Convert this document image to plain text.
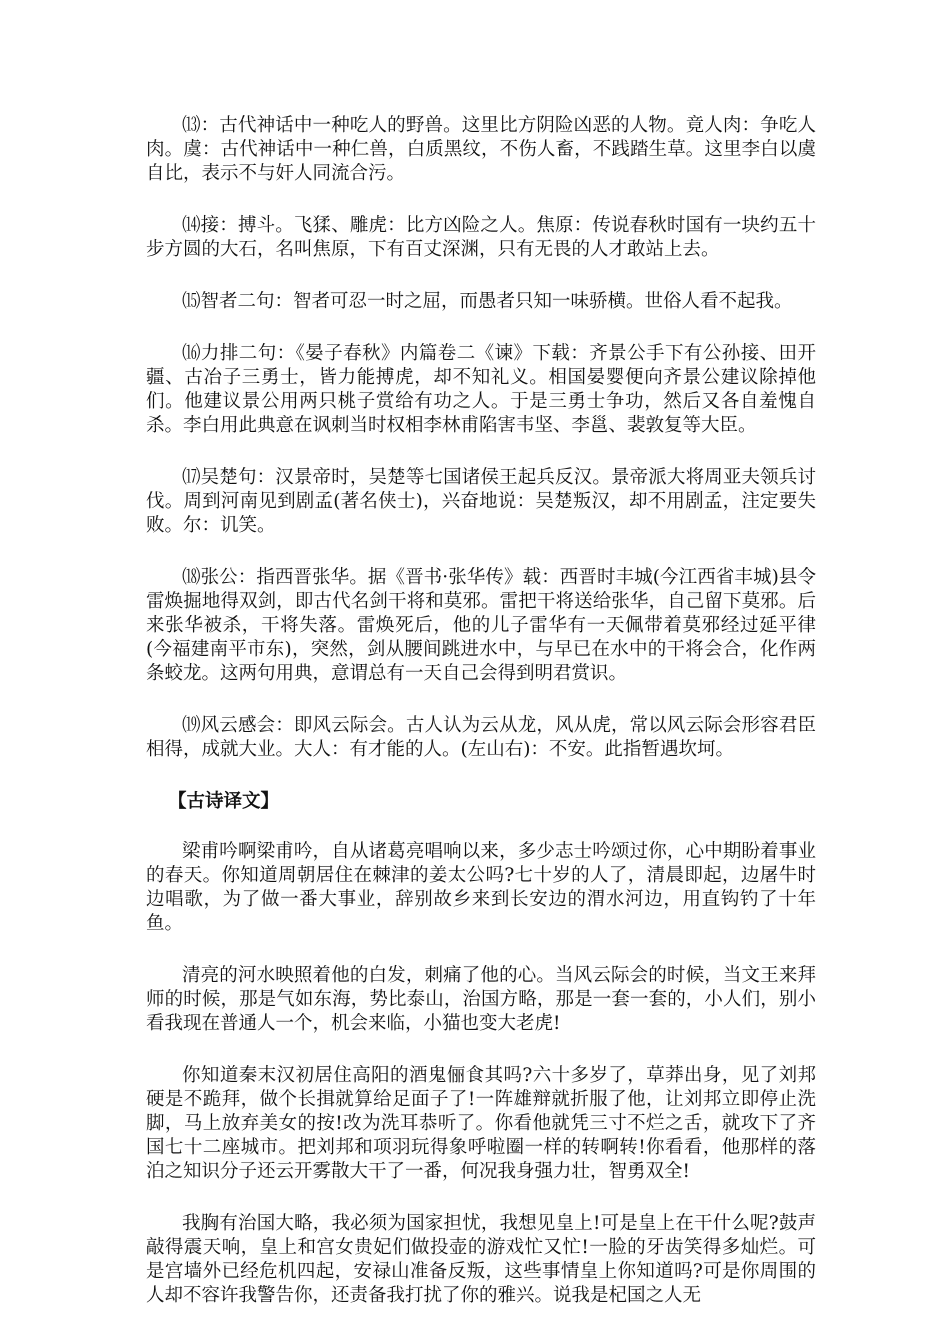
⒀：古代神话中一种吃人的野兽。这里比方阴险凶恶的人物。竟人肉：争吃人肉。虞：古代神话中一种仁兽，白质黑纹，不伤人畜，不践踏生草。这里李白以虞自比，表示不与奸人同流合污。

⒁接：搏斗。飞猱、雕虎：比方凶险之人。焦原：传说春秋时国有一块约五十步方圆的大石，名叫焦原，下有百丈深渊，只有无畏的人才敢站上去。

⒂智者二句：智者可忍一时之屈，而愚者只知一味骄横。世俗人看不起我。

⒃力排二句：《晏子春秋》内篇卷二《谏》下载：齐景公手下有公孙接、田开疆、古冶子三勇士，皆力能搏虎，却不知礼义。相国晏婴便向齐景公建议除掉他们。他建议景公用两只桃子赏给有功之人。于是三勇士争功，然后又各自羞愧自杀。李白用此典意在讽刺当时权相李林甫陷害韦坚、李邕、裴敦复等大臣。

⒄吴楚句：汉景帝时，吴楚等七国诸侯王起兵反汉。景帝派大将周亚夫领兵讨伐。周到河南见到剧孟(著名侠士)，兴奋地说：吴楚叛汉，却不用剧孟，注定要失败。尔：讥笑。

⒅张公：指西晋张华。据《晋书·张华传》载：西晋时丰城(今江西省丰城)县令雷焕掘地得双剑，即古代名剑干将和莫邪。雷把干将送给张华，自己留下莫邪。后来张华被杀，干将失落。雷焕死后，他的儿子雷华有一天佩带着莫邪经过延平律(今福建南平市东)，突然，剑从腰间跳进水中，与早已在水中的干将会合，化作两条蛟龙。这两句用典，意谓总有一天自己会得到明君赏识。

⒆风云感会：即风云际会。古人认为云从龙，风从虎，常以风云际会形容君臣相得，成就大业。大人：有才能的人。(左山右)：不安。此指暂遇坎坷。

【古诗译文】

梁甫吟啊梁甫吟，自从诸葛亮唱响以来，多少志士吟颂过你，心中期盼着事业的春天。你知道周朝居住在棘津的姜太公吗?七十岁的人了，清晨即起，边屠牛时边唱歌，为了做一番大事业，辞别故乡来到长安边的渭水河边，用直钩钓了十年鱼。

清亮的河水映照着他的白发，刺痛了他的心。当风云际会的时候，当文王来拜师的时候，那是气如东海，势比泰山，治国方略，那是一套一套的，小人们，别小看我现在普通人一个，机会来临，小猫也变大老虎!

你知道秦末汉初居住高阳的酒鬼俪食其吗?六十多岁了，草莽出身，见了刘邦硬是不跪拜，做个长揖就算给足面子了!一阵雄辩就折服了他，让刘邦立即停止洗脚，马上放弃美女的按!改为洗耳恭听了。你看他就凭三寸不烂之舌，就攻下了齐国七十二座城市。把刘邦和项羽玩得象呼啦圈一样的转啊转!你看看，他那样的落泊之知识分子还云开雾散大干了一番，何况我身强力壮，智勇双全!

我胸有治国大略，我必须为国家担忧，我想见皇上!可是皇上在干什么呢?鼓声敲得震天响，皇上和宫女贵妃们做投壶的游戏忙又忙!一脸的牙齿笑得多灿烂。可是宫墙外已经危机四起，安禄山准备反叛，这些事情皇上你知道吗?可是你周围的人却不容许我警告你，还责备我打扰了你的雅兴。说我是杞国之人无
